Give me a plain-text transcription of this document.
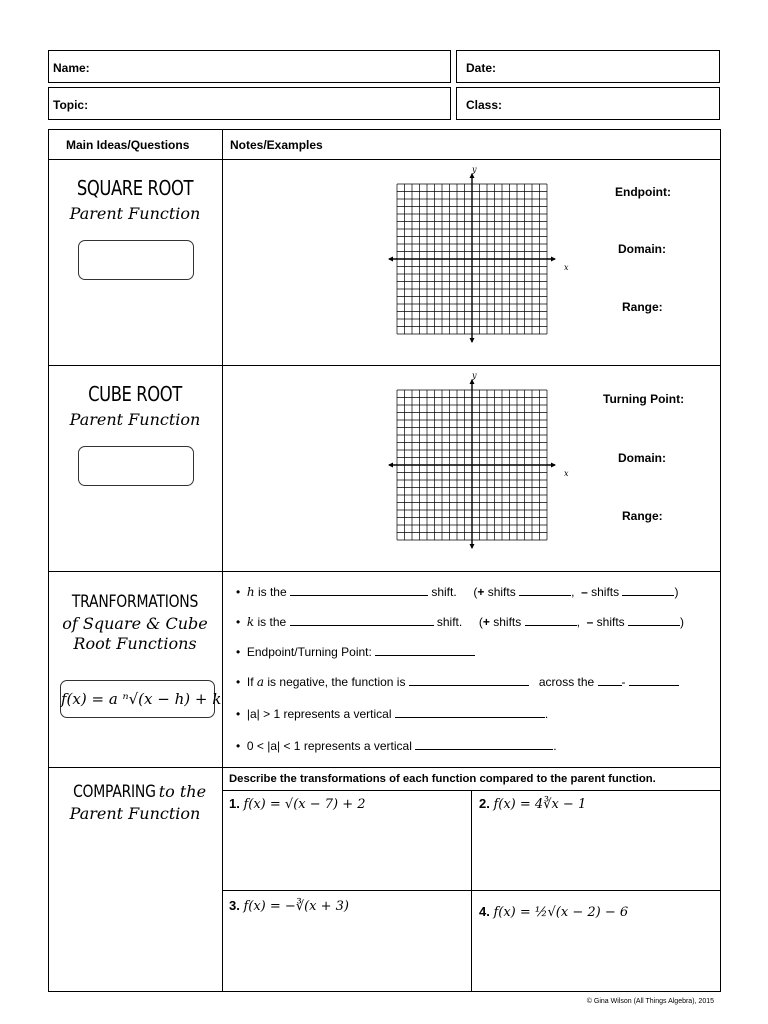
Name:	Date:
Topic:	Class:
Main Ideas/Questions	Notes/Examples
SQUARE ROOT
Parent Function
y
x
Endpoint:
Domain:
Range:
CUBE ROOT
Parent Function
y
x
Turning Point:
Domain:
Range:
TRANFORMATIONS
of Square & Cube
Root Functions
f(x) = a ⁿ√(x − h) + k
•  h is the	shift.     (+ shifts	,  – shifts	)
•  k is the	shift.     (+ shifts	,  – shifts	)
•  Endpoint/Turning Point:
•  If a is negative, the function is	across the -
•  |a| > 1 represents a vertical	.
•  0 < |a| < 1 represents a vertical	.
COMPARING to the
Parent Function
Describe the transformations of each function compared to the parent function.
1. f(x) = √(x − 7) + 2	2. f(x) = 4∛x − 1
3. f(x) = −∛(x + 3)	4. f(x) = ½√(x − 2) − 6
© Gina Wilson (All Things Algebra), 2015
